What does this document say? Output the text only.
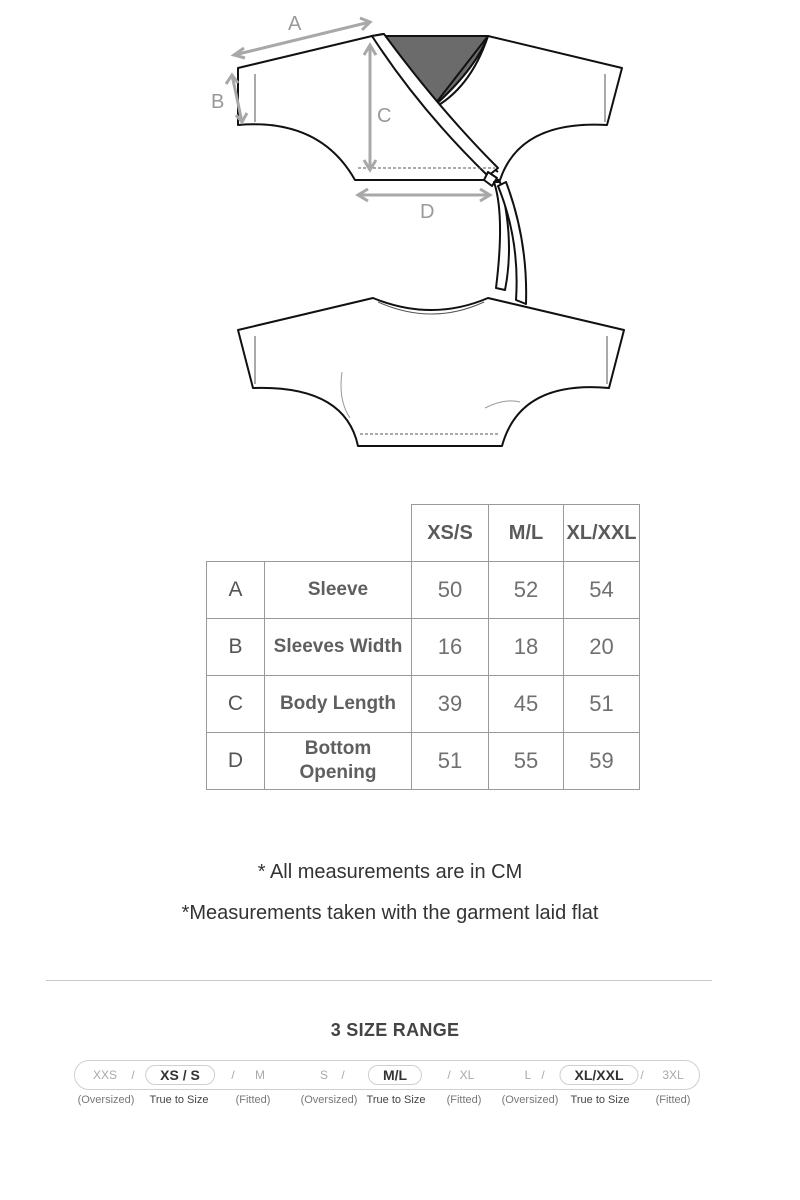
A
B
C
D
		XS/S	M/L	XL/XXL
A	Sleeve	50	52	54
B	Sleeves Width	16	18	20
C	Body Length	39	45	51
D	Bottom Opening	51	55	59
* All measurements are in CM
*Measurements taken with the garment laid flat
3 SIZE RANGE
XXS /	XS / S	/ M	S /	M/L	/ XL	L /	XL/XXL	/ 3XL
(Oversized) True to Size (Fitted)	(Oversized) True to Size (Fitted) (Oversized) True to Size (Fitted)
